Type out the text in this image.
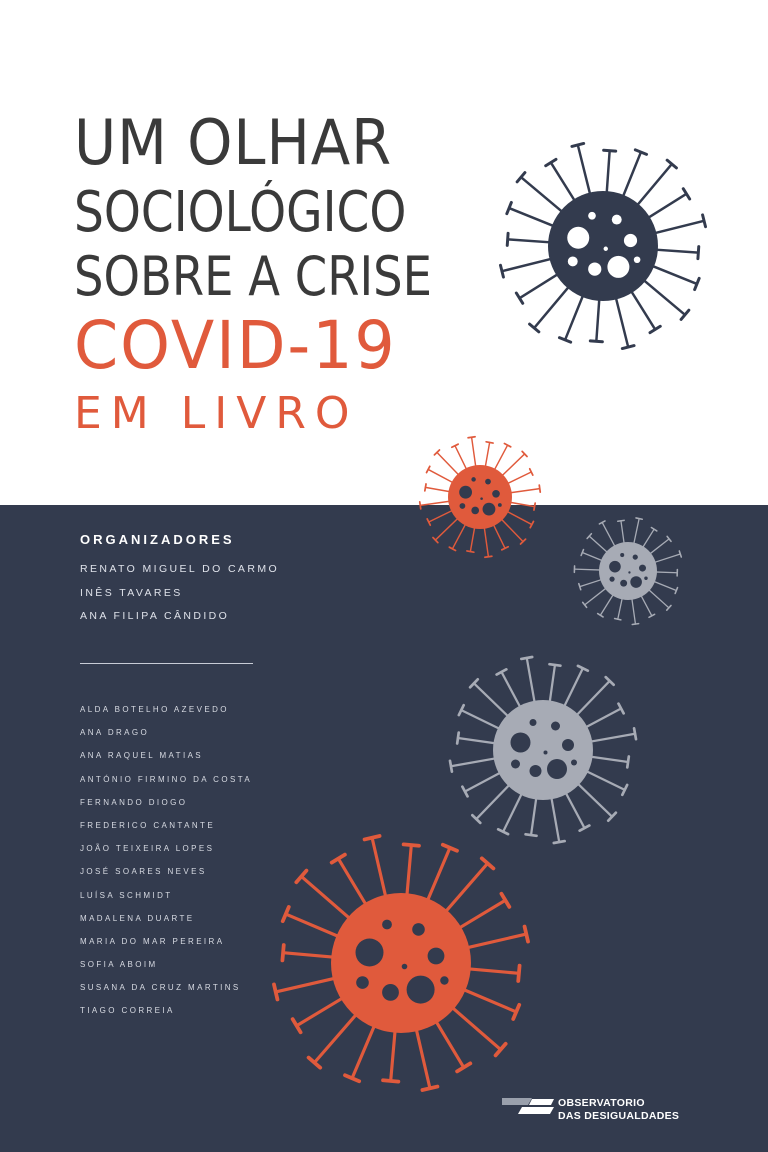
UM OLHAR
SOCIOLÓGICO
SOBRE A CRISE
COVID-19
EM LIVRO
ORGANIZADORES
RENATO MIGUEL DO CARMO
INÊS TAVARES
ANA FILIPA CÂNDIDO
ALDA BOTELHO AZEVEDO
ANA DRAGO
ANA RAQUEL MATIAS
ANTÓNIO FIRMINO DA COSTA
FERNANDO DIOGO
FREDERICO CANTANTE
JOÃO TEIXEIRA LOPES
JOSÉ SOARES NEVES
LUÍSA SCHMIDT
MADALENA DUARTE
MARIA DO MAR PEREIRA
SOFIA ABOIM
SUSANA DA CRUZ MARTINS
TIAGO CORREIA
OBSERVATORIO
DAS DESIGUALDADES
